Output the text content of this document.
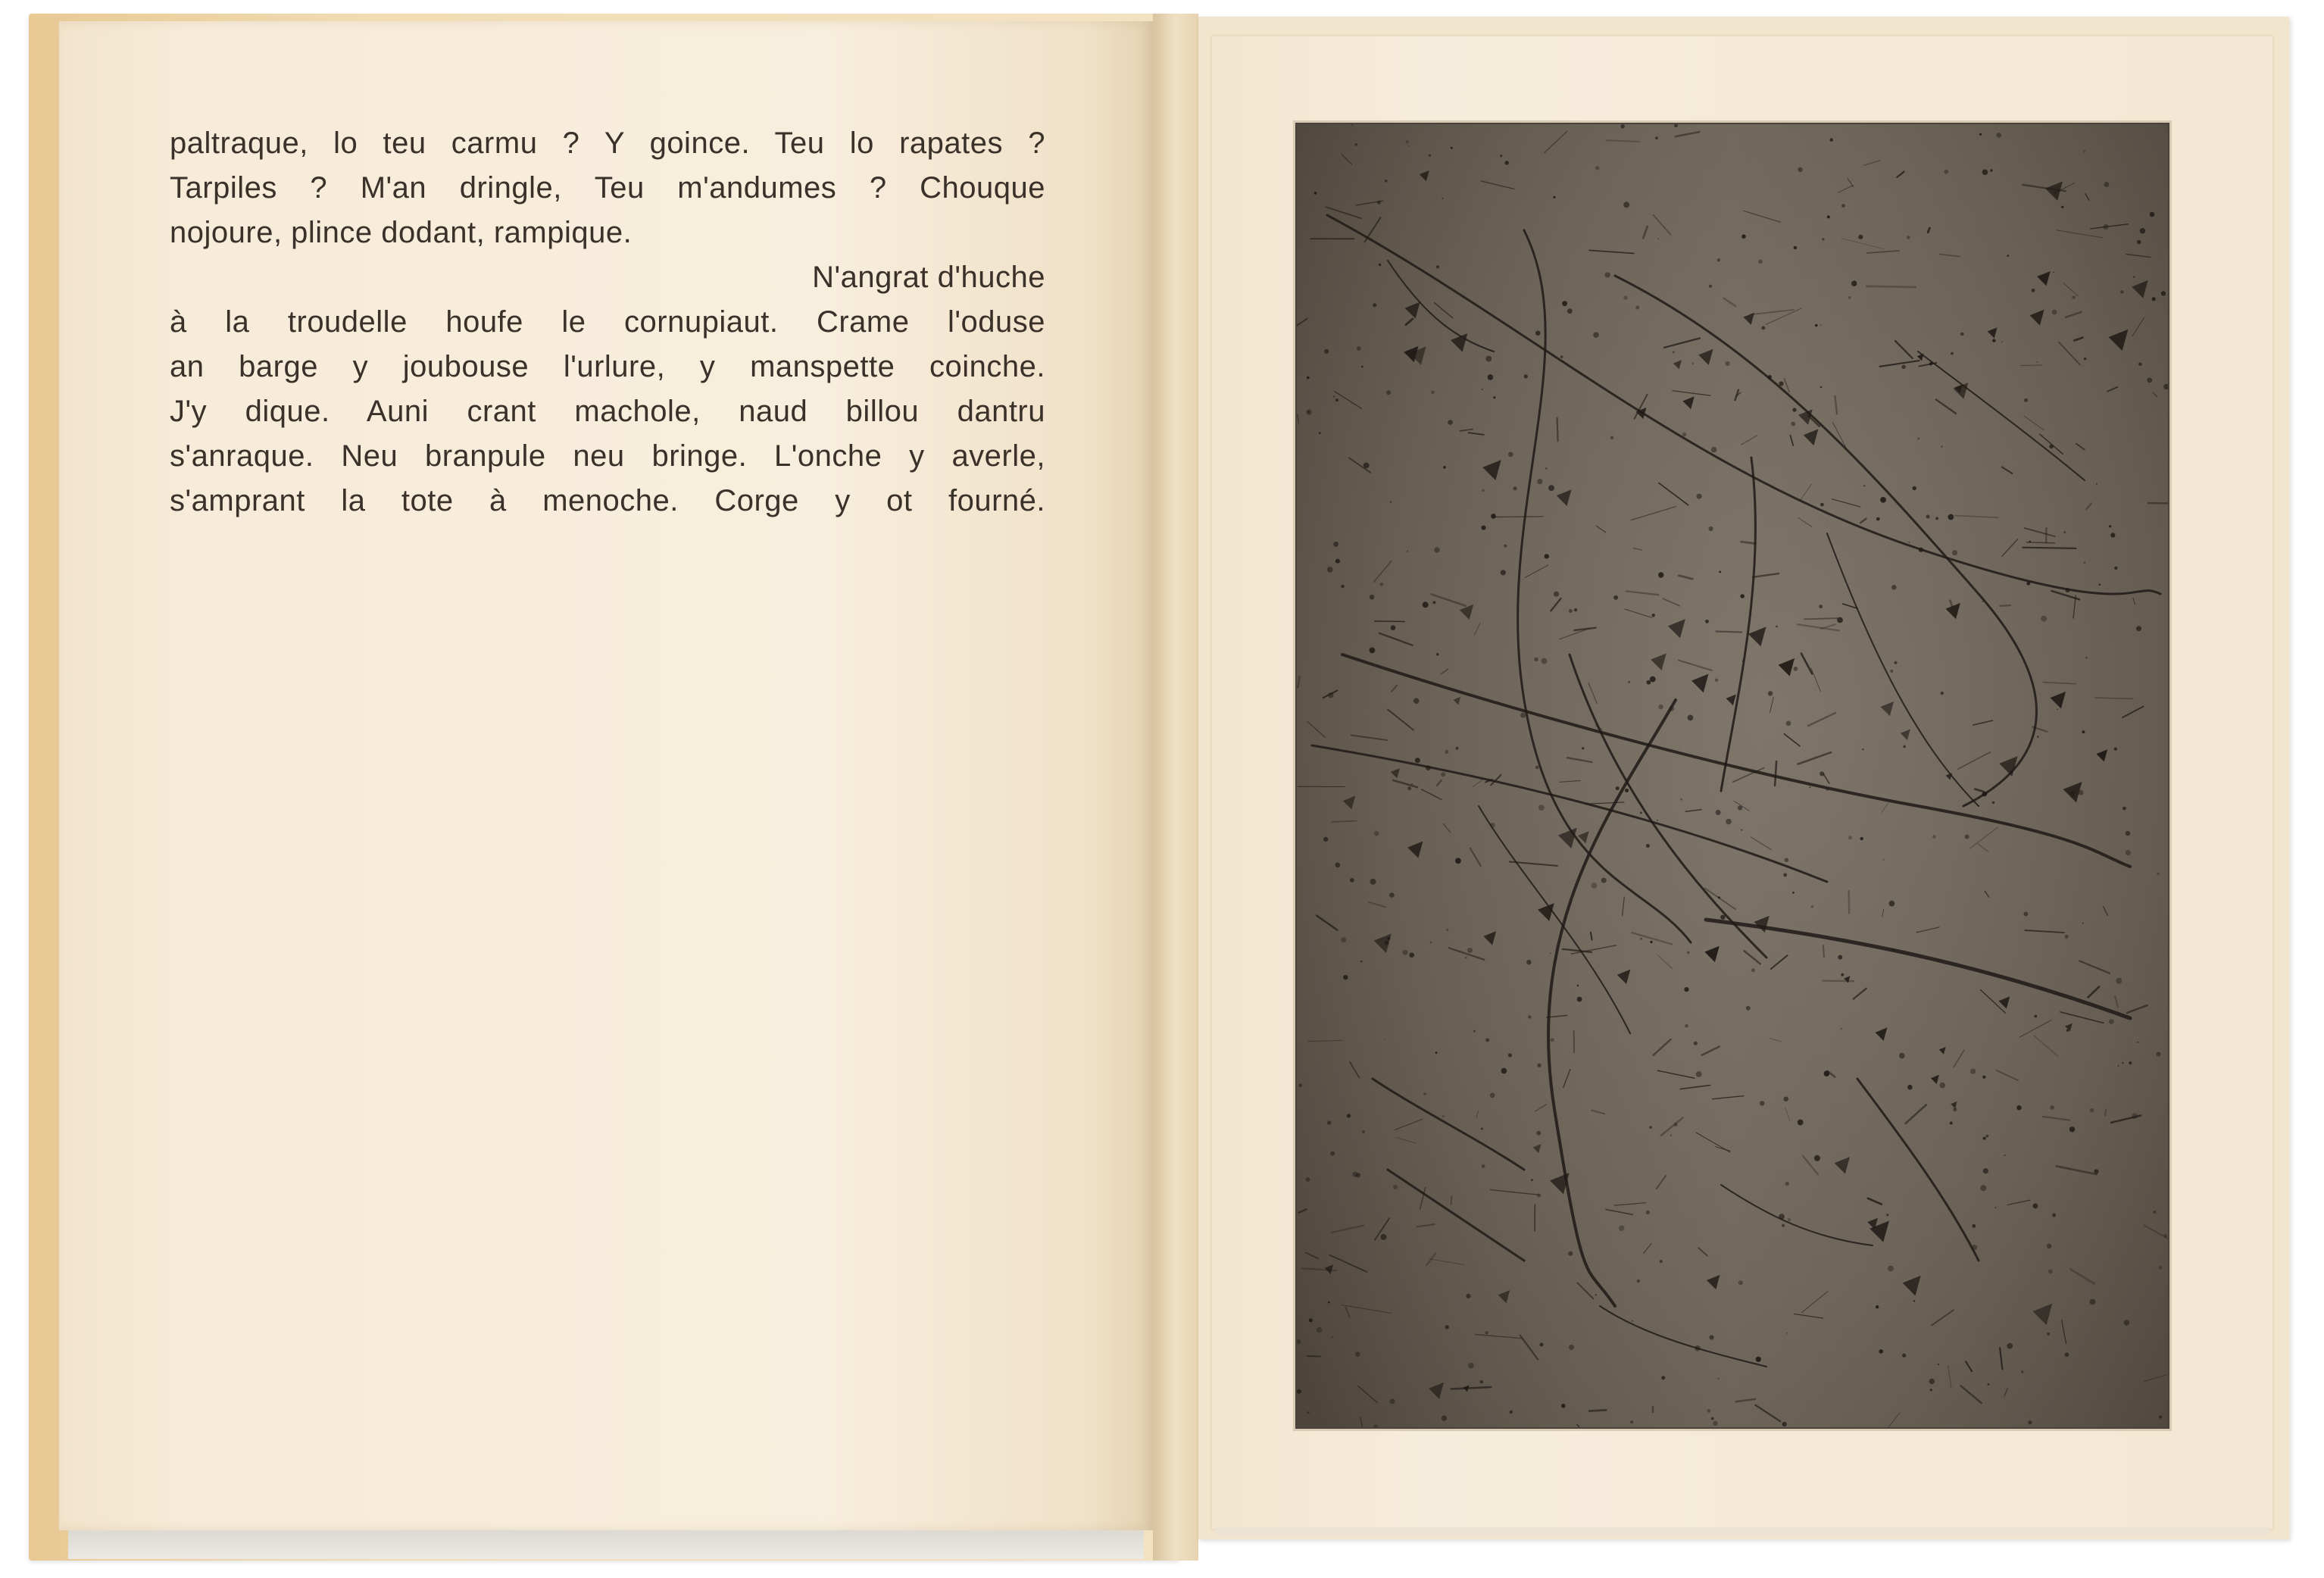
paltraque, lo teu carmu ? Y goince. Teu lo rapates ?
Tarpiles ? M'an dringle, Teu m'andumes ? Chouque
nojoure, plince dodant, rampique.
N'angrat d'huche
à la troudelle houfe le cornupiaut. Crame l'oduse
an barge y joubouse l'urlure, y manspette coinche.
J'y dique. Auni crant machole, naud billou dantru
s'anraque. Neu branpule neu bringe. L'onche y averle,
s'amprant la tote à menoche. Corge y ot fourné.
